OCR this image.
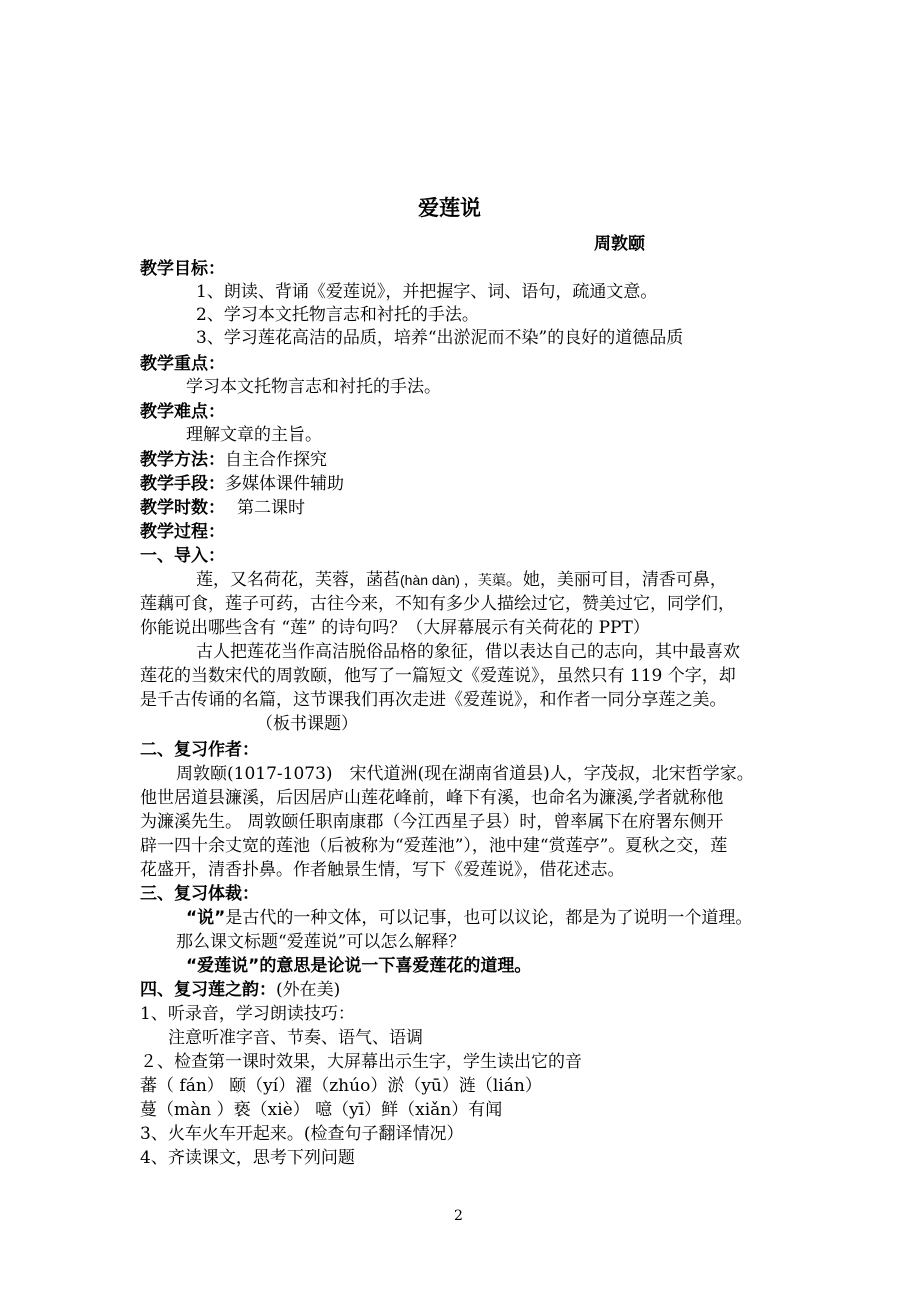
爱莲说
周敦颐
教学目标：
1、朗读、背诵《爱莲说》，并把握字、词、语句，疏通文意。
2、学习本文托物言志和衬托的手法。
3、学习莲花高洁的品质，培养“出淤泥而不染”的良好的道德品质
教学重点：
学习本文托物言志和衬托的手法。
教学难点：
理解文章的主旨。
教学方法：自主合作探究
教学手段：多媒体课件辅助
教学时数： 第二课时
教学过程：
一、导入：
莲，又名荷花，芙蓉，菡萏(hàn dàn) ，芙蕖。她，美丽可目，清香可鼻，
莲藕可食，莲子可药，古往今来，不知有多少人描绘过它，赞美过它，同学们，
你能说出哪些含有 “莲” 的诗句吗？（大屏幕展示有关荷花的 PPT）
古人把莲花当作高洁脱俗品格的象征，借以表达自己的志向，其中最喜欢
莲花的当数宋代的周敦颐，他写了一篇短文《爱莲说》，虽然只有 119 个字，却
是千古传诵的名篇，这节课我们再次走进《爱莲说》，和作者一同分享莲之美。
（板书课题）
二、复习作者：
周敦颐(1017-1073)　宋代道洲(现在湖南省道县)人，字茂叔，北宋哲学家。
他世居道县濂溪，后因居庐山莲花峰前，峰下有溪，也命名为濂溪,学者就称他
为濂溪先生。 周敦颐任职南康郡（今江西星子县）时，曾率属下在府署东侧开
辟一四十余丈宽的莲池（后被称为“爱莲池”），池中建“赏莲亭”。夏秋之交，莲
花盛开，清香扑鼻。作者触景生情，写下《爱莲说》，借花述志。
三、复习体裁：
“说”是古代的一种文体，可以记事，也可以议论，都是为了说明一个道理。
那么课文标题“爱莲说”可以怎么解释？
“爱莲说”的意思是论说一下喜爱莲花的道理。
四、复习莲之韵：(外在美)
1、听录音，学习朗读技巧：
注意听准字音、节奏、语气、语调
２、检查第一课时效果，大屏幕出示生字，学生读出它的音
蕃（ fán） 颐（yí）濯（zhúo）淤（yū）涟（lián）
蔓（màn ）亵（xiè） 噫（yī）鲜（xiǎn）有闻
3、火车火车开起来。(检查句子翻译情况）
4、齐读课文，思考下列问题
2
